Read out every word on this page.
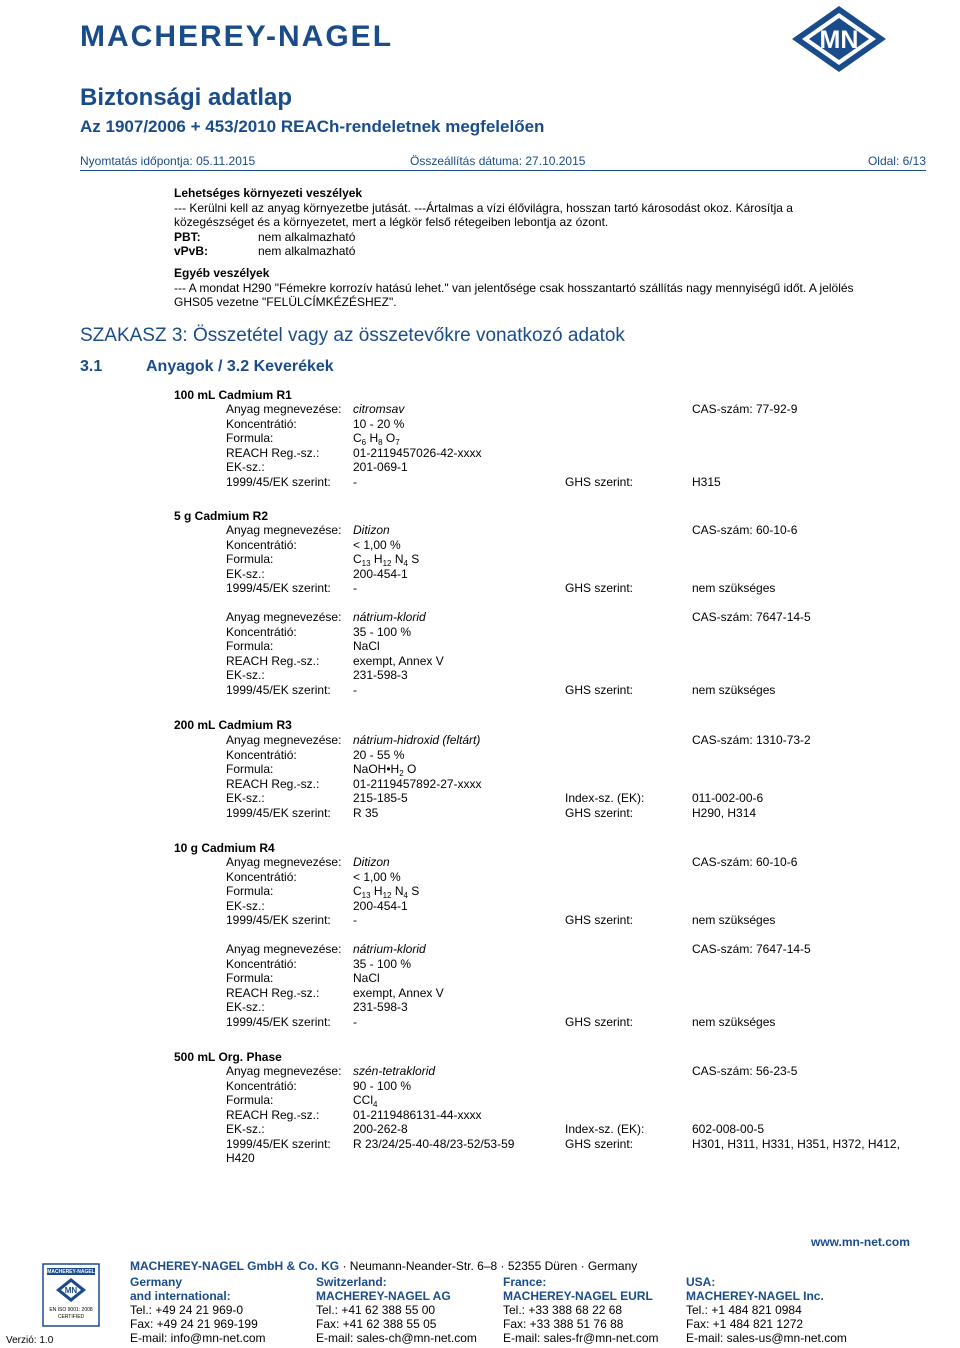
MACHEREY-NAGEL	MN
Biztonsági adatlap
Az 1907/2006 + 453/2010 REACh-rendeletnek megfelelően
Nyomtatás időpontja: 05.11.2015	Összeállítás dátuma: 27.10.2015	Oldal: 6/13
Lehetséges környezeti veszélyek
--- Kerülni kell az anyag környezetbe jutását. ---Ártalmas a vízi élővilágra, hosszan tartó károsodást okoz. Károsítja a
közegészséget és a környezetet, mert a légkör felső rétegeiben lebontja az ózont.
PBT:	nem alkalmazható
vPvB:	nem alkalmazható
Egyéb veszélyek
--- A mondat H290 "Fémekre korrozív hatású lehet." van jelentősége csak hosszantartó szállítás nagy mennyiségű időt. A jelölés
GHS05 vezetne "FELÜLCÍMKÉZÉSHEZ".
SZAKASZ 3: Összetétel vagy az összetevőkre vonatkozó adatok
3.1	Anyagok / 3.2 Keverékek
100 mL Cadmium R1
Anyag megnevezése: citromsav	CAS-szám: 77-92-9
Koncentrátió:	10 - 20 %
Formula:	$C_6$ $H_8$ $O_7$
REACH Reg.-sz.:	01-2119457026-42-xxxx
EK-sz.:	201-069-1
1999/45/EK szerint: -	GHS szerint:	H315
5 g Cadmium R2
Anyag megnevezése: Ditizon	CAS-szám: 60-10-6
Koncentrátió:	< 1,00 %
Formula:	$C_{13}$ $H_{12}$ $N_4$ S
EK-sz.:	200-454-1
1999/45/EK szerint: -	GHS szerint:	nem szükséges
Anyag megnevezése: nátrium-klorid	CAS-szám: 7647-14-5
Koncentrátió:	35 - 100 %
Formula:	NaCl
REACH Reg.-sz.:	exempt, Annex V
EK-sz.:	231-598-3
1999/45/EK szerint: -	GHS szerint:	nem szükséges
200 mL Cadmium R3
Anyag megnevezése: nátrium-hidroxid (feltárt)	CAS-szám: 1310-73-2
Koncentrátió:	20 - 55 %
Formula:	$NaOH•H_2$ O
REACH Reg.-sz.:	01-2119457892-27-xxxx
EK-sz.:	215-185-5	Index-sz. (EK):	011-002-00-6
1999/45/EK szerint: R 35	GHS szerint:	H290, H314
10 g Cadmium R4
Anyag megnevezése: Ditizon	CAS-szám: 60-10-6
Koncentrátió:	< 1,00 %
Formula:	$C_{13}$ $H_{12}$ $N_4$ S
EK-sz.:	200-454-1
1999/45/EK szerint: -	GHS szerint:	nem szükséges
Anyag megnevezése: nátrium-klorid	CAS-szám: 7647-14-5
Koncentrátió:	35 - 100 %
Formula:	NaCl
REACH Reg.-sz.:	exempt, Annex V
EK-sz.:	231-598-3
1999/45/EK szerint: -	GHS szerint:	nem szükséges
500 mL Org. Phase
Anyag megnevezése: szén-tetraklorid	CAS-szám: 56-23-5
Koncentrátió:	90 - 100 %
Formula:	CCl$_4$
REACH Reg.-sz.:	01-2119486131-44-xxxx
EK-sz.:	200-262-8	Index-sz. (EK):	602-008-00-5
1999/45/EK szerint: R 23/24/25-40-48/23-52/53-59	GHS szerint:	H301, H311, H331, H351, H372, H412,
H420
www.mn-net.com
MACHEREY-NAGEL GmbH & Co. KG · Neumann-Neander-Str. 6–8 · 52355 Düren · Germany
MN
MACHEREY-NAGEL
EN ISO 9001: 2008
CERTIFIED
Verzió: 1.0
Germany
and international:
Tel.: +49 24 21 969-0
Fax: +49 24 21 969-199
E-mail: info@mn-net.com
Switzerland:
MACHEREY-NAGEL AG
Tel.: +41 62 388 55 00
Fax: +41 62 388 55 05
E-mail: sales-ch@mn-net.com
France:
MACHEREY-NAGEL EURL
Tel.: +33 388 68 22 68
Fax: +33 388 51 76 88
E-mail: sales-fr@mn-net.com
USA:
MACHEREY-NAGEL Inc.
Tel.: +1 484 821 0984
Fax: +1 484 821 1272
E-mail: sales-us@mn-net.com
